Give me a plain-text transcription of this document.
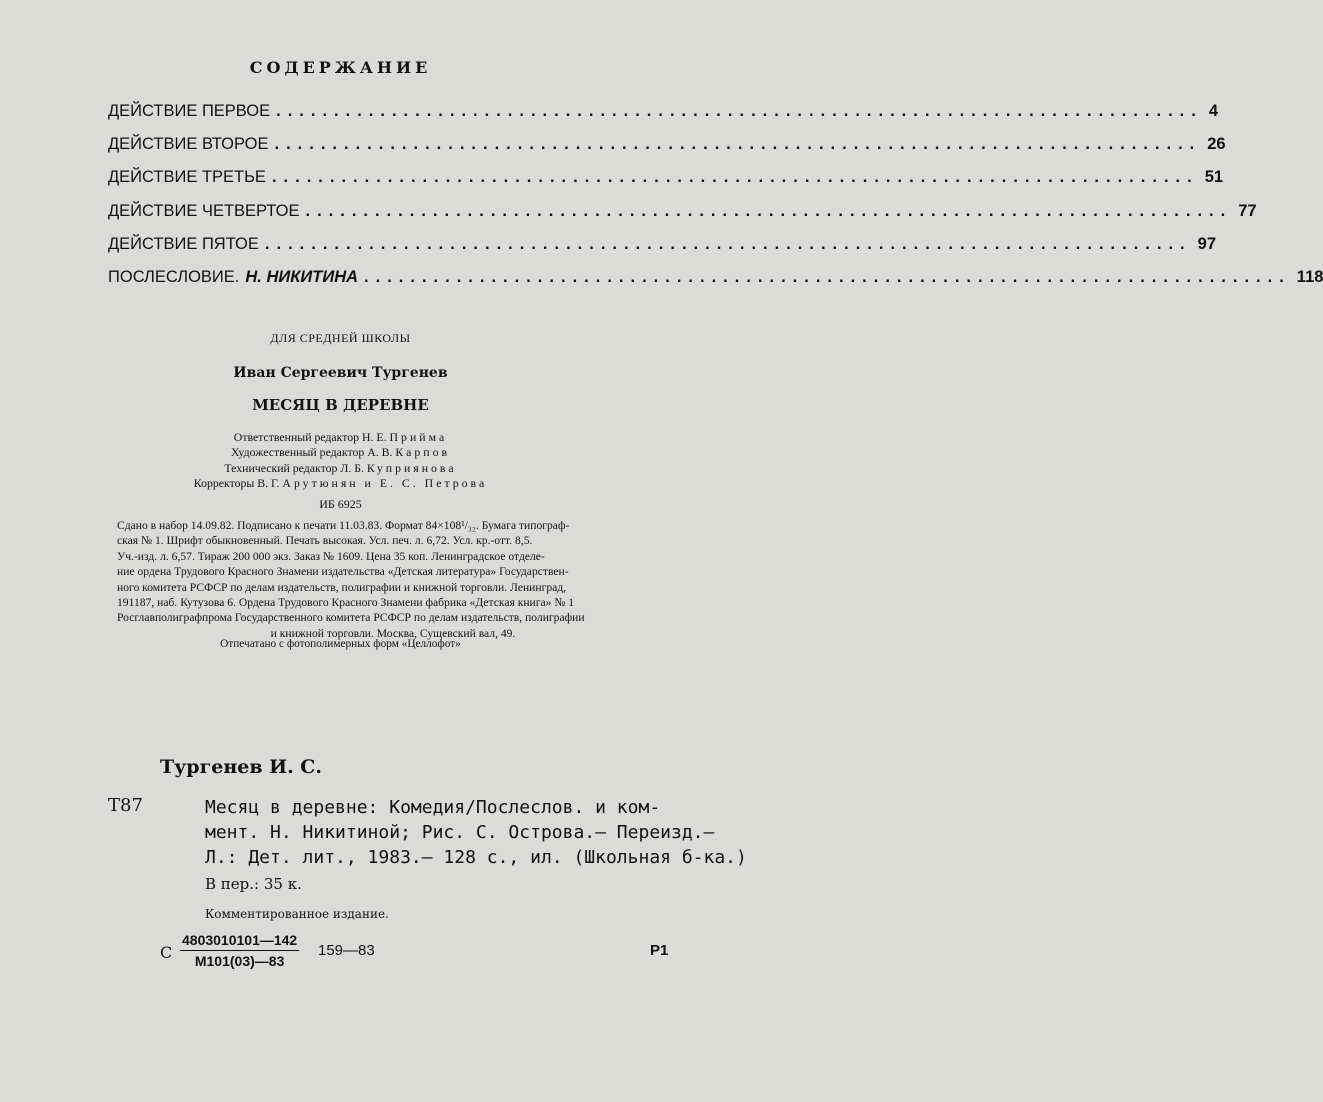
СОДЕРЖАНИЕ
ДЕЙСТВИЕ ПЕРВОЕ ................................................................................ 4
ДЕЙСТВИЕ ВТОРОЕ ................................................................................ 26
ДЕЙСТВИЕ ТРЕТЬЕ ................................................................................ 51
ДЕЙСТВИЕ ЧЕТВЕРТОЕ ................................................................................ 77
ДЕЙСТВИЕ ПЯТОЕ ................................................................................ 97
ПОСЛЕСЛОВИЕ. Н. НИКИТИНА ................................................................................ 118
ДЛЯ СРЕДНЕЙ ШКОЛЫ
Иван Сергеевич Тургенев
МЕСЯЦ В ДЕРЕВНЕ
Ответственный редактор Н. Е. Прийма
Художественный редактор А. В. Карпов
Технический редактор Л. Б. Куприянова
Корректоры В. Г. Арутюнян и Е. С. Петрова
ИБ 6925
Сдано в набор 14.09.82. Подписано к печати 11.03.83. Формат 84×108¹/₃₂. Бумага типограф-
ская № 1. Шрифт обыкновенный. Печать высокая. Усл. печ. л. 6,72. Усл. кр.-отт. 8,5.
Уч.-изд. л. 6,57. Тираж 200 000 экз. Заказ № 1609. Цена 35 коп. Ленинградское отделе-
ние ордена Трудового Красного Знамени издательства «Детская литература» Государствен-
ного комитета РСФСР по делам издательств, полиграфии и книжной торговли. Ленинград,
191187, наб. Кутузова 6. Ордена Трудового Красного Знамени фабрика «Детская книга» № 1
Росглавполиграфпрома Государственного комитета РСФСР по делам издательств, полиграфии
и книжной торговли. Москва, Сущевский вал, 49.
Отпечатано с фотополимерных форм «Целлофот»
Тургенев И. С.
Т87	Месяц в деревне: Комедия/Послеслов. и ком-
мент. Н. Никитиной; Рис. С. Острова.— Переизд.—
Л.: Дет. лит., 1983.— 128 с., ил. (Школьная б-ка.)
В пер.: 35 к.
Комментированное издание.
С
4803010101—142
М101(03)—83
159—83	Р1
